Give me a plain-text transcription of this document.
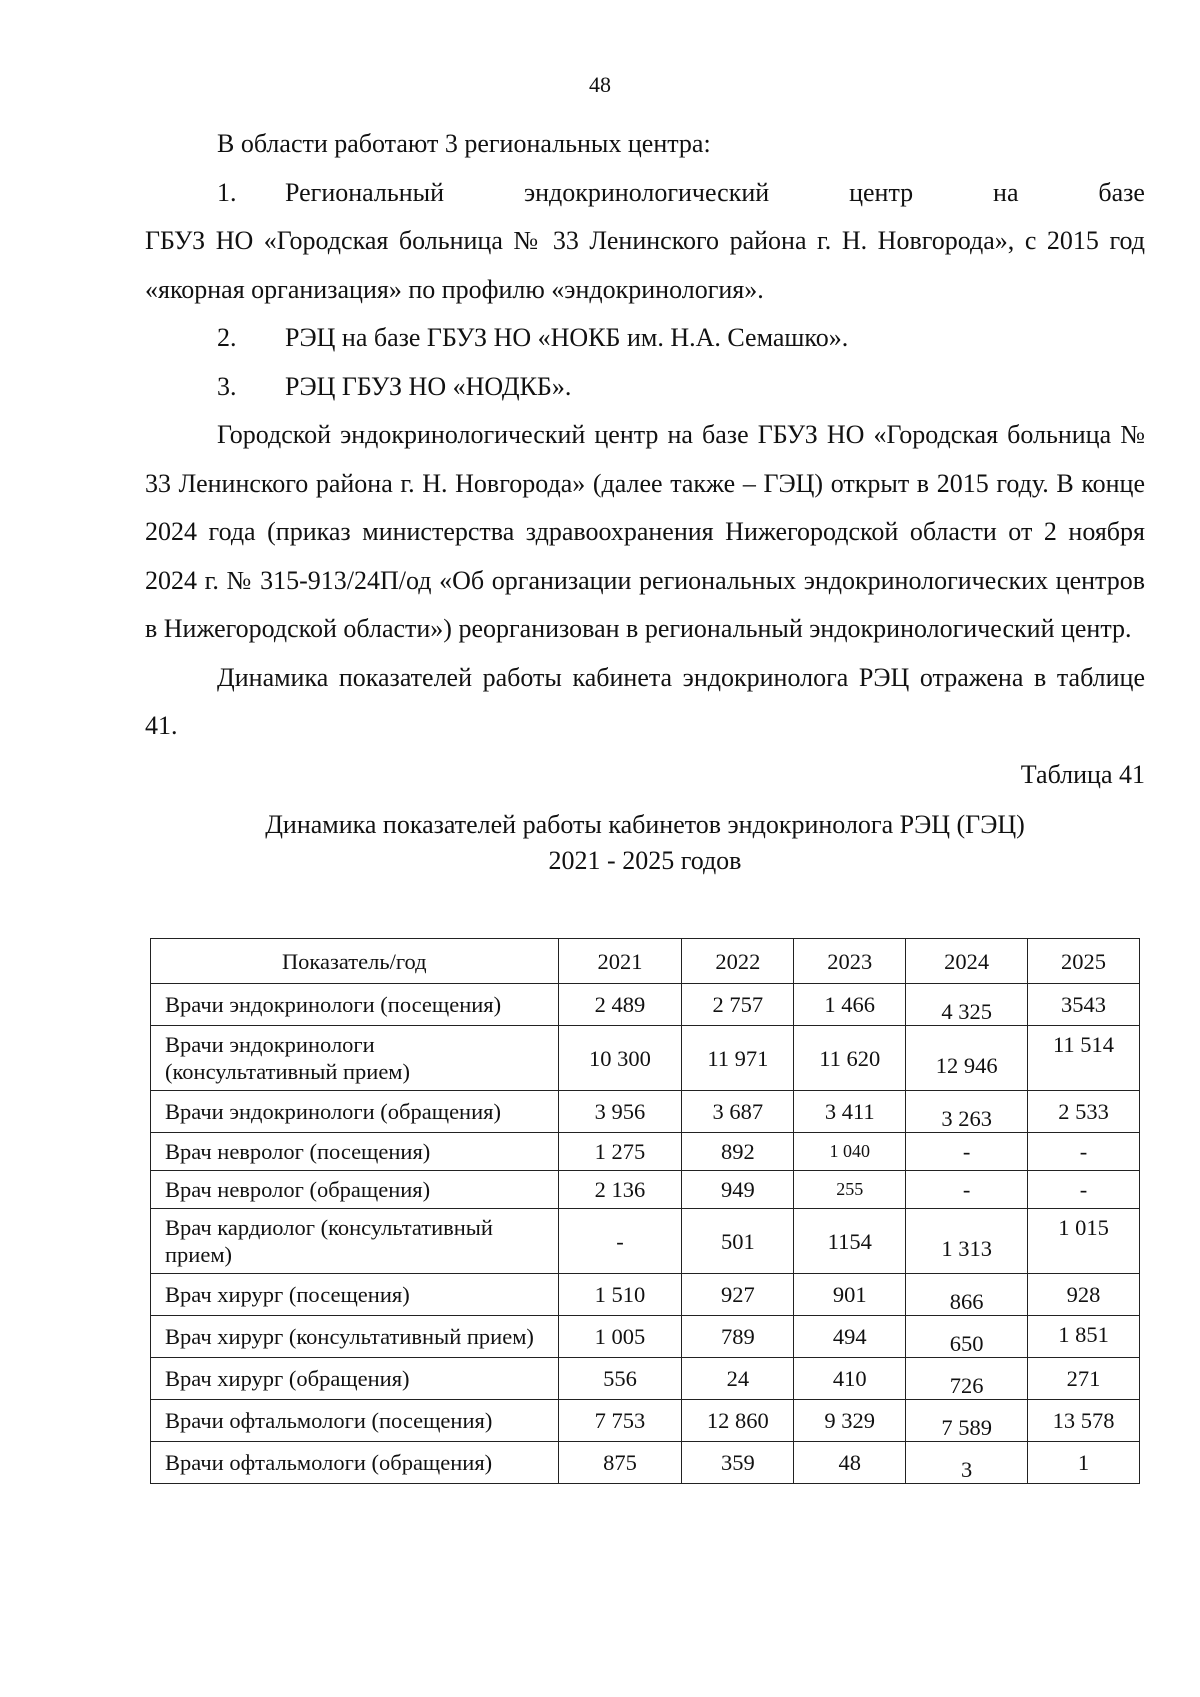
48

В области работают 3 региональных центра:

1.	Региональный	эндокринологический	центр	на	базе

ГБУЗ НО «Городская больница № 33 Ленинского района г. Н. Новгорода», с 2015 год «якорная организация» по профилю «эндокринология».

2. РЭЦ на базе ГБУЗ НО «НОКБ им. Н.А. Семашко».

3. РЭЦ ГБУЗ НО «НОДКБ».

Городской эндокринологический центр на базе ГБУЗ НО «Городская больница № 33 Ленинского района г. Н. Новгорода» (далее также – ГЭЦ) открыт в 2015 году. В конце 2024 года (приказ министерства здравоохранения Нижегородской области от 2 ноября 2024 г. № 315-913/24П/од «Об организации региональных эндокринологических центров в Нижегородской области») реорганизован в региональный эндокринологический центр.

Динамика показателей работы кабинета эндокринолога РЭЦ отражена в таблице 41.

Таблица 41

Динамика показателей работы кабинетов эндокринолога РЭЦ (ГЭЦ)
2021 - 2025 годов

Показатель/год	2021	2022	2023	2024	2025
Врачи эндокринологи (посещения)	2 489	2 757	1 466	4 325	3543
Врачи эндокринологи (консультативный прием)	10 300	11 971	11 620	12 946	11 514
Врачи эндокринологи (обращения)	3 956	3 687	3 411	3 263	2 533
Врач невролог (посещения)	1 275	892	1 040	-	-
Врач невролог (обращения)	2 136	949	255	-	-
Врач кардиолог (консультативный прием)	-	501	1154	1 313	1 015
Врач хирург (посещения)	1 510	927	901	866	928
Врач хирург (консультативный прием)	1 005	789	494	650	1 851
Врач хирург (обращения)	556	24	410	726	271
Врачи офтальмологи (посещения)	7 753	12 860	9 329	7 589	13 578
Врачи офтальмологи (обращения)	875	359	48	3	1
